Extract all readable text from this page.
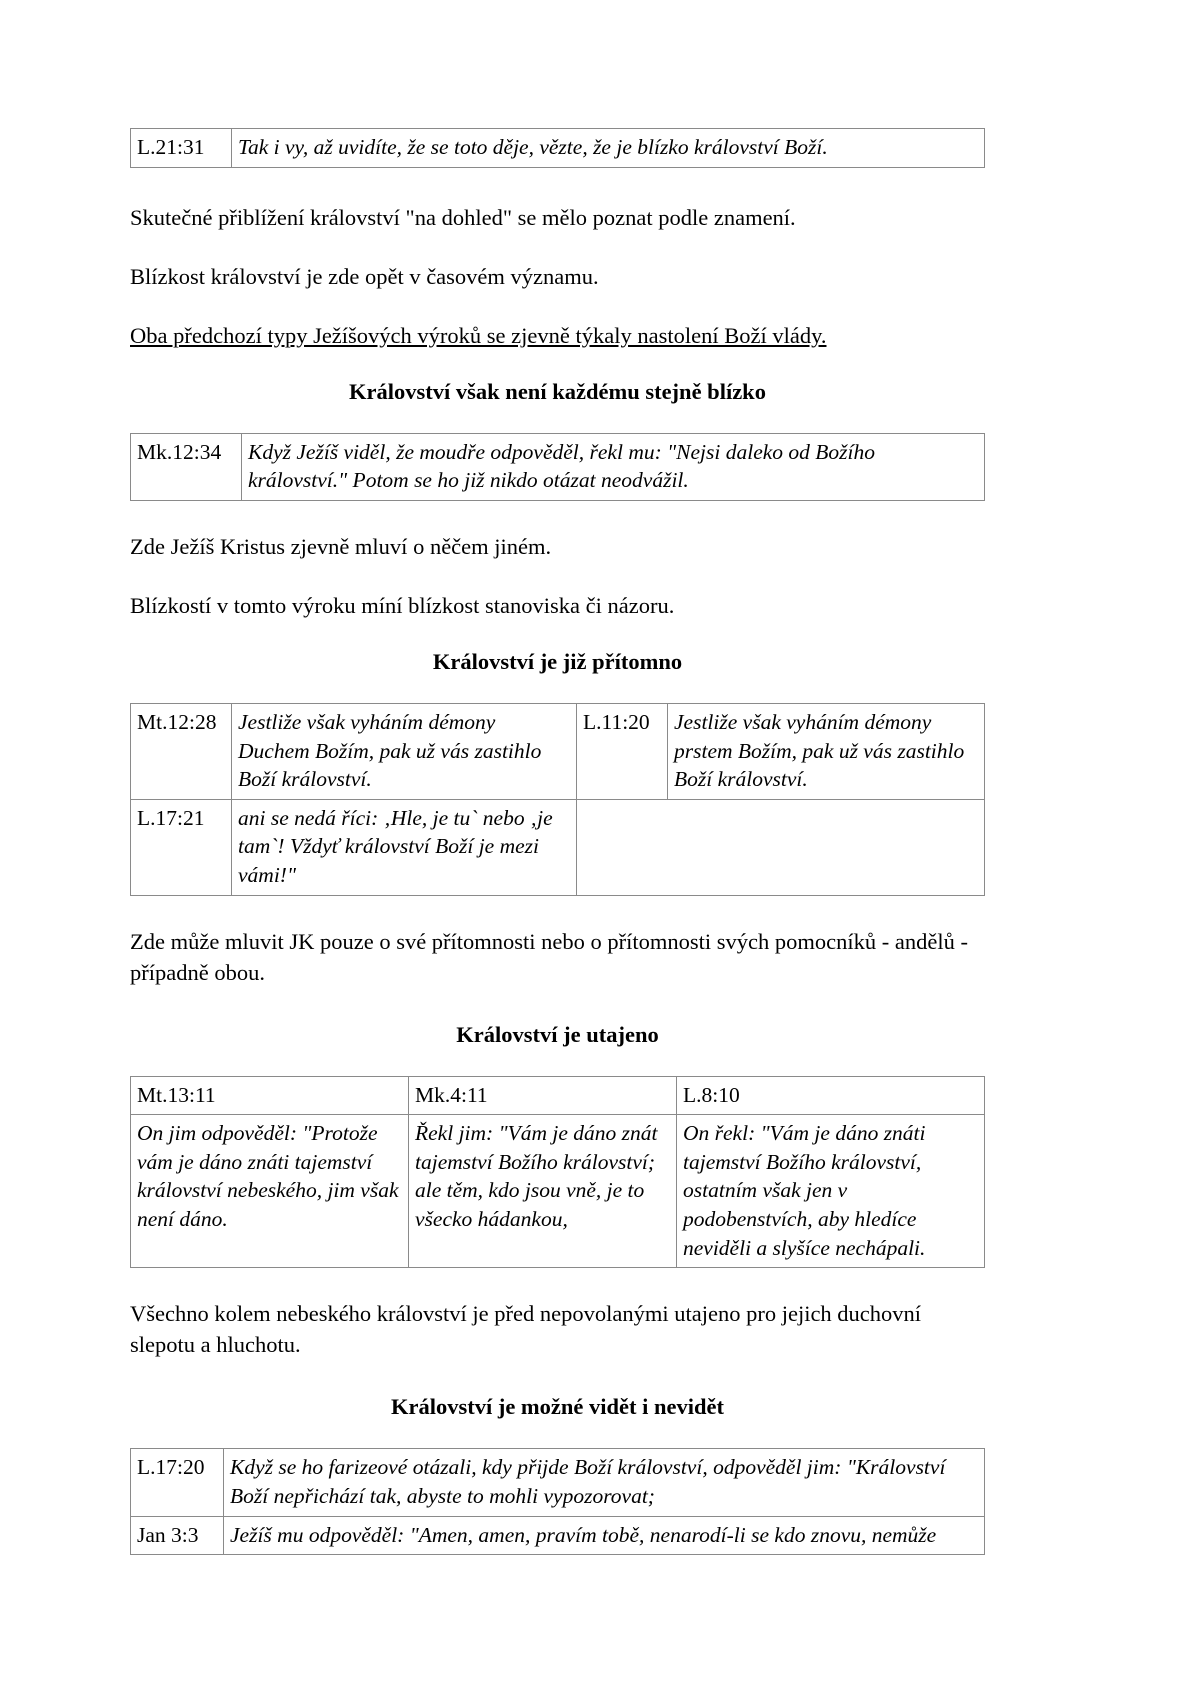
L.21:31	Tak i vy, až uvidíte, že se toto děje, vězte, že je blízko království Boží.

Skutečné přiblížení království "na dohled" se mělo poznat podle znamení.

Blízkost království je zde opět v časovém významu.

Oba předchozí typy Ježíšových výroků se zjevně týkaly nastolení Boží vlády.

Království však není každému stejně blízko
Mk.12:34	Když Ježíš viděl, že moudře odpověděl, řekl mu: "Nejsi daleko od Božího království." Potom se ho již nikdo otázat neodvážil.

Zde Ježíš Kristus zjevně mluví o něčem jiném.

Blízkostí v tomto výroku míní blízkost stanoviska či názoru.

Království je již přítomno
Mt.12:28	Jestliže však vyháním démony Duchem Božím, pak už vás zastihlo Boží království.	L.11:20	Jestliže však vyháním démony prstem Božím, pak už vás zastihlo Boží království.
L.17:21	ani se nedá říci: ‚Hle, je tu` nebo ‚je tam`! Vždyť království Boží je mezi vámi!"		

Zde může mluvit JK pouze o své přítomnosti nebo o přítomnosti svých pomocníků - andělů - případně obou.

Království je utajeno
Mt.13:11	Mk.4:11	L.8:10
On jim odpověděl: "Protože vám je dáno znáti tajemství království nebeského, jim však není dáno.	Řekl jim: "Vám je dáno znát tajemství Božího království; ale těm, kdo jsou vně, je to všecko hádankou,	On řekl: "Vám je dáno znáti tajemství Božího království, ostatním však jen v podobenstvích, aby hledíce neviděli a slyšíce nechápali.

Všechno kolem nebeského království je před nepovolanými utajeno pro jejich duchovní slepotu a hluchotu.

Království je možné vidět i nevidět
L.17:20	Když se ho farizeové otázali, kdy přijde Boží království, odpověděl jim: "Království Boží nepřichází tak, abyste to mohli vypozorovat;
Jan 3:3	Ježíš mu odpověděl: "Amen, amen, pravím tobě, nenarodí-li se kdo znovu, nemůže
